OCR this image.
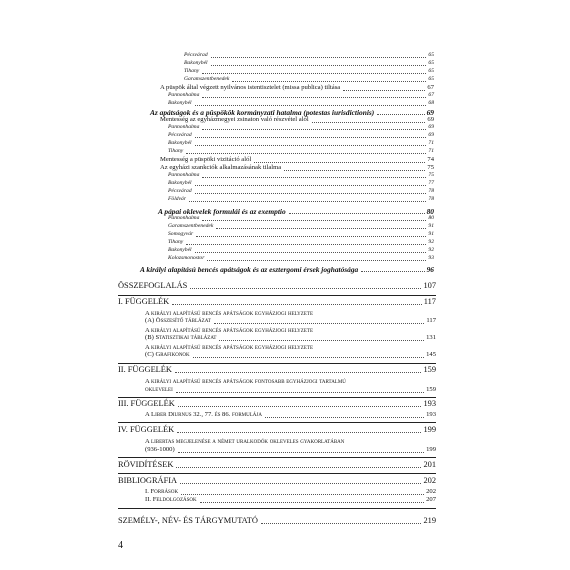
Pécsvárad	65
Bakonybél	65
Tihany	65
Garamszentbenedek	65
A püspök által végzett nyilvános istentisztelet (missa publica) tiltása	67
Pannonhalma	67
Bakonybél	68
Az apátságok és a püspökök kormányzati hatalma (potestas iurisdictionis)	69
Mentesség az egyházmegyei zsinaton való részvétel alól	69
Pannonhalma	69
Pécsvárad	69
Bakonybél	71
Tihany	71
Mentesség a püspöki vizitáció alól	74
Az egyházi szankciók alkalmazásának tilalma	75
Pannonhalma	75
Bakonybél	77
Pécsvárad	78
Földvár	78
A pápai oklevelek formulái és az exemptio	80
Pannonhalma	80
Garamszentbenedek	91
Somogyvár	91
Tihany	92
Bakonybél	92
Kolozsmonostor	93
A királyi alapítású bencés apátságok és az esztergomi érsek joghatósága	96
ÖSSZEFOGLALÁS	107
I. FÜGGELÉK	117
A királyi alapítású bencés apátságok egyházjogi helyzete
(A) Összesítő táblázat	117
A királyi alapítású bencés apátságok egyházjogi helyzete
(B) Statisztikai táblázat	131
A királyi alapítású bencés apátságok egyházjogi helyzete
(C) Grafikonok	145
II. FÜGGELÉK	159
A királyi alapítású bencés apátságok fontosabb egyházjogi tartalmú
oklevelei	159
III. FÜGGELÉK	193
A Liber Diurnus 32., 77. és 86. formulája	193
IV. FÜGGELÉK	199
A libertas megjelenése a német uralkodók okleveles gyakorlatában
(936-1000)	199
RÖVIDÍTÉSEK	201
BIBLIOGRÁFIA	202
I. Források	202
II. Feldolgozások	207
SZEMÉLY-, NÉV- ÉS TÁRGYMUTATÓ	219
4
